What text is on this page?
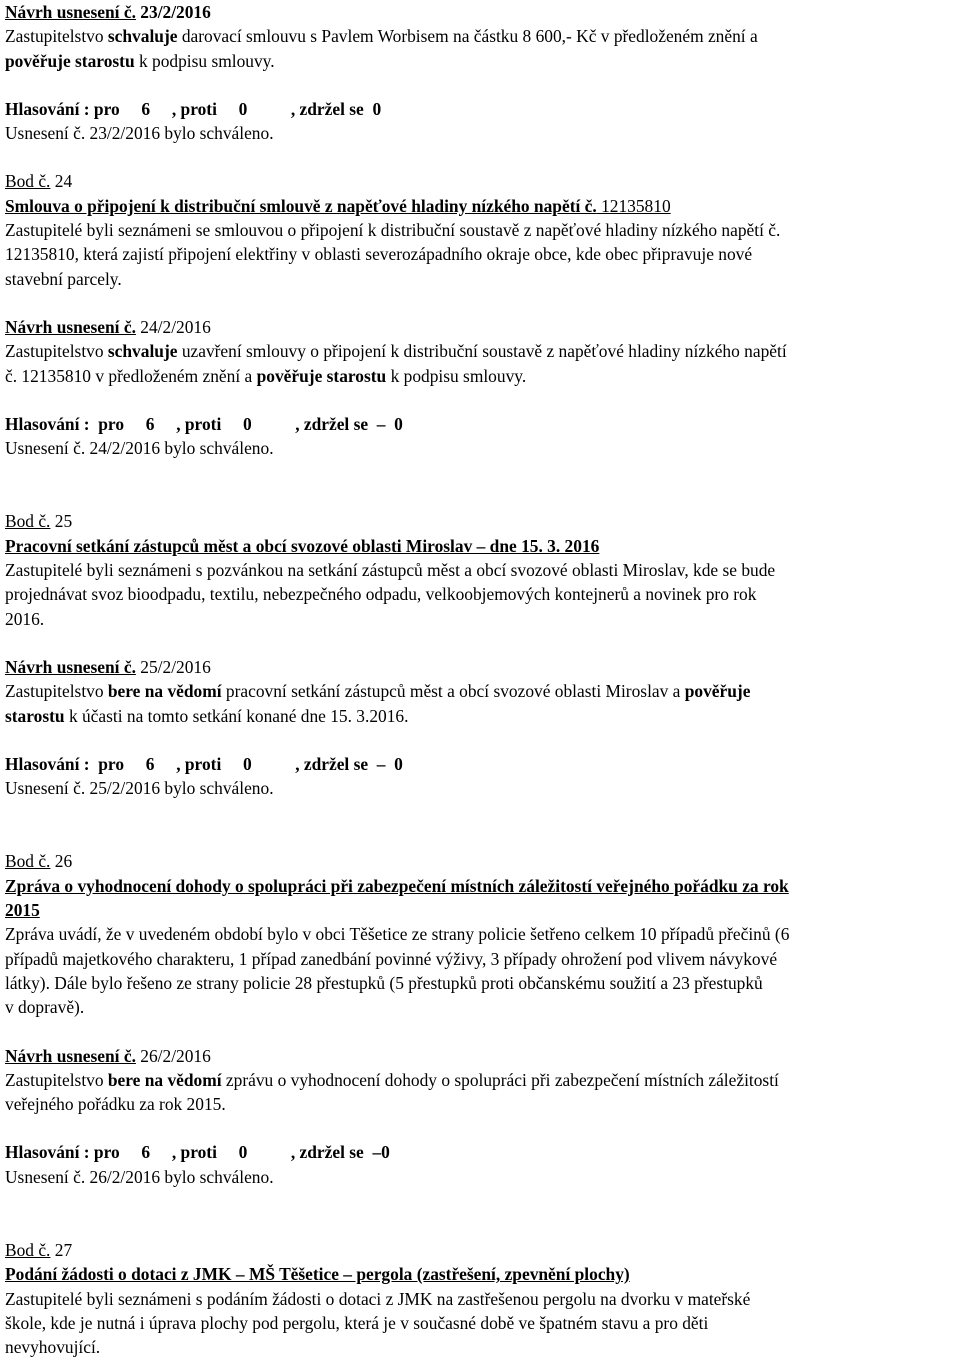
Návrh usnesení č. 23/2/2016

Zastupitelstvo schvaluje darovací smlouvu s Pavlem Worbisem na částku 8 600,- Kč v předloženém znění a

pověřuje starostu k podpisu smlouvy.

Hlasování : pro     6     , proti     0          , zdržel se  0

Usnesení č. 23/2/2016 bylo schváleno.

Bod č. 24

Smlouva o připojení k distribuční smlouvě z napěťové hladiny nízkého napětí č. 12135810

Zastupitelé byli seznámeni se smlouvou o připojení k distribuční soustavě z napěťové hladiny nízkého napětí č.

12135810, která zajistí připojení elektřiny v oblasti severozápadního okraje obce, kde obec připravuje nové

stavební parcely.

Návrh usnesení č. 24/2/2016

Zastupitelstvo schvaluje uzavření smlouvy o připojení k distribuční soustavě z napěťové hladiny nízkého napětí

č. 12135810 v předloženém znění a pověřuje starostu k podpisu smlouvy.

Hlasování :  pro     6     , proti     0          , zdržel se  –  0

Usnesení č. 24/2/2016 bylo schváleno.

Bod č. 25

Pracovní setkání zástupců měst a obcí svozové oblasti Miroslav – dne 15. 3. 2016

Zastupitelé byli seznámeni s pozvánkou na setkání zástupců měst a obcí svozové oblasti Miroslav, kde se bude

projednávat svoz bioodpadu, textilu, nebezpečného odpadu, velkoobjemových kontejnerů a novinek pro rok

2016.

Návrh usnesení č. 25/2/2016

Zastupitelstvo bere na vědomí pracovní setkání zástupců měst a obcí svozové oblasti Miroslav a pověřuje

starostu k účasti na tomto setkání konané dne 15. 3.2016.

Hlasování :  pro     6     , proti     0          , zdržel se  –  0

Usnesení č. 25/2/2016 bylo schváleno.

Bod č. 26

Zpráva o vyhodnocení dohody o spolupráci při zabezpečení místních záležitostí veřejného pořádku za rok

2015

Zpráva uvádí, že v uvedeném období bylo v obci Těšetice ze strany policie šetřeno celkem 10 případů přečinů (6

případů majetkového charakteru, 1 případ zanedbání povinné výživy, 3 případy ohrožení pod vlivem návykové

látky). Dále bylo řešeno ze strany policie 28 přestupků (5 přestupků proti občanskému soužití a 23 přestupků

v dopravě).

Návrh usnesení č. 26/2/2016

Zastupitelstvo bere na vědomí zprávu o vyhodnocení dohody o spolupráci při zabezpečení místních záležitostí

veřejného pořádku za rok 2015.

Hlasování : pro     6     , proti     0          , zdržel se  –0

Usnesení č. 26/2/2016 bylo schváleno.

Bod č. 27

Podání žádosti o dotaci z JMK – MŠ Těšetice – pergola (zastřešení, zpevnění plochy)

Zastupitelé byli seznámeni s podáním žádosti o dotaci z JMK na zastřešenou pergolu na dvorku v mateřské

škole, kde je nutná i úprava plochy pod pergolu, která je v současné době ve špatném stavu a pro děti

nevyhovující.
